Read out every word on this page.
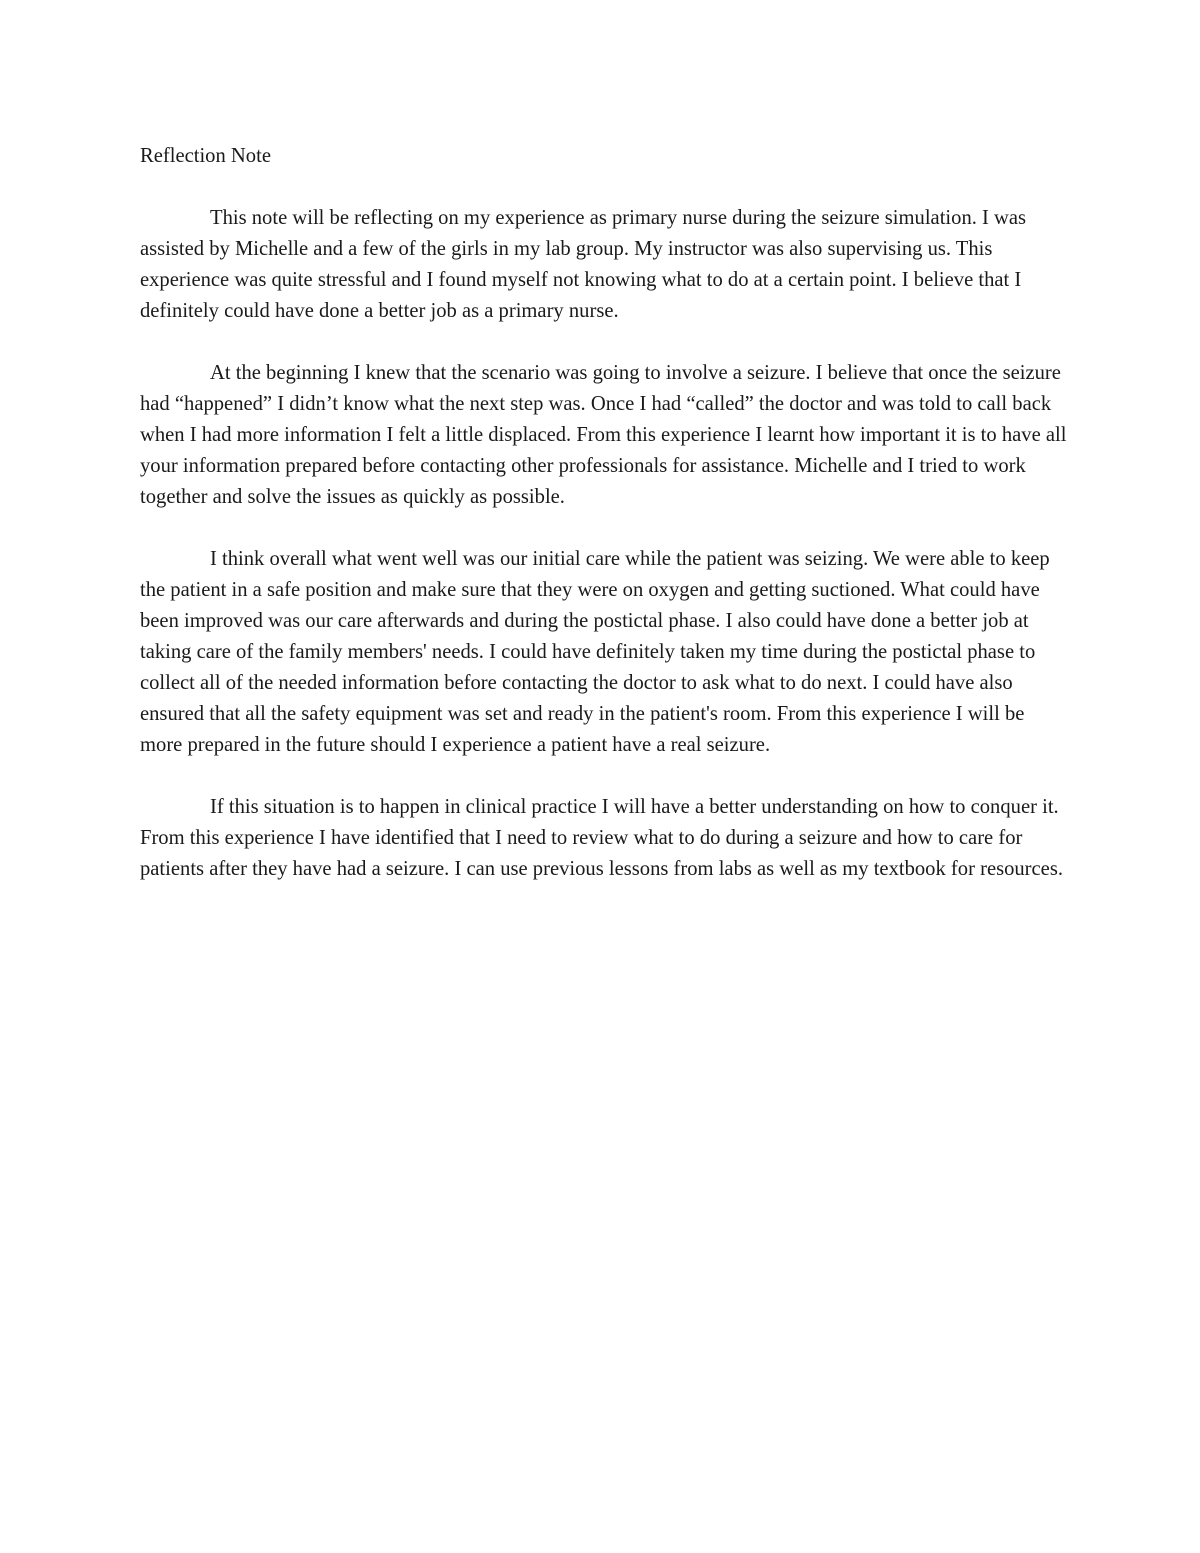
Reflection Note

This note will be reflecting on my experience as primary nurse during the seizure simulation. I was assisted by Michelle and a few of the girls in my lab group. My instructor was also supervising us. This experience was quite stressful and I found myself not knowing what to do at a certain point. I believe that I definitely could have done a better job as a primary nurse.

At the beginning I knew that the scenario was going to involve a seizure. I believe that once the seizure had “happened” I didn’t know what the next step was. Once I had “called” the doctor and was told to call back when I had more information I felt a little displaced. From this experience I learnt how important it is to have all your information prepared before contacting other professionals for assistance. Michelle and I tried to work together and solve the issues as quickly as possible.

I think overall what went well was our initial care while the patient was seizing. We were able to keep the patient in a safe position and make sure that they were on oxygen and getting suctioned. What could have been improved was our care afterwards and during the postictal phase. I also could have done a better job at taking care of the family members' needs. I could have definitely taken my time during the postictal phase to collect all of the needed information before contacting the doctor to ask what to do next. I could have also ensured that all the safety equipment was set and ready in the patient's room. From this experience I will be more prepared in the future should I experience a patient have a real seizure.

If this situation is to happen in clinical practice I will have a better understanding on how to conquer it. From this experience I have identified that I need to review what to do during a seizure and how to care for patients after they have had a seizure. I can use previous lessons from labs as well as my textbook for resources.
